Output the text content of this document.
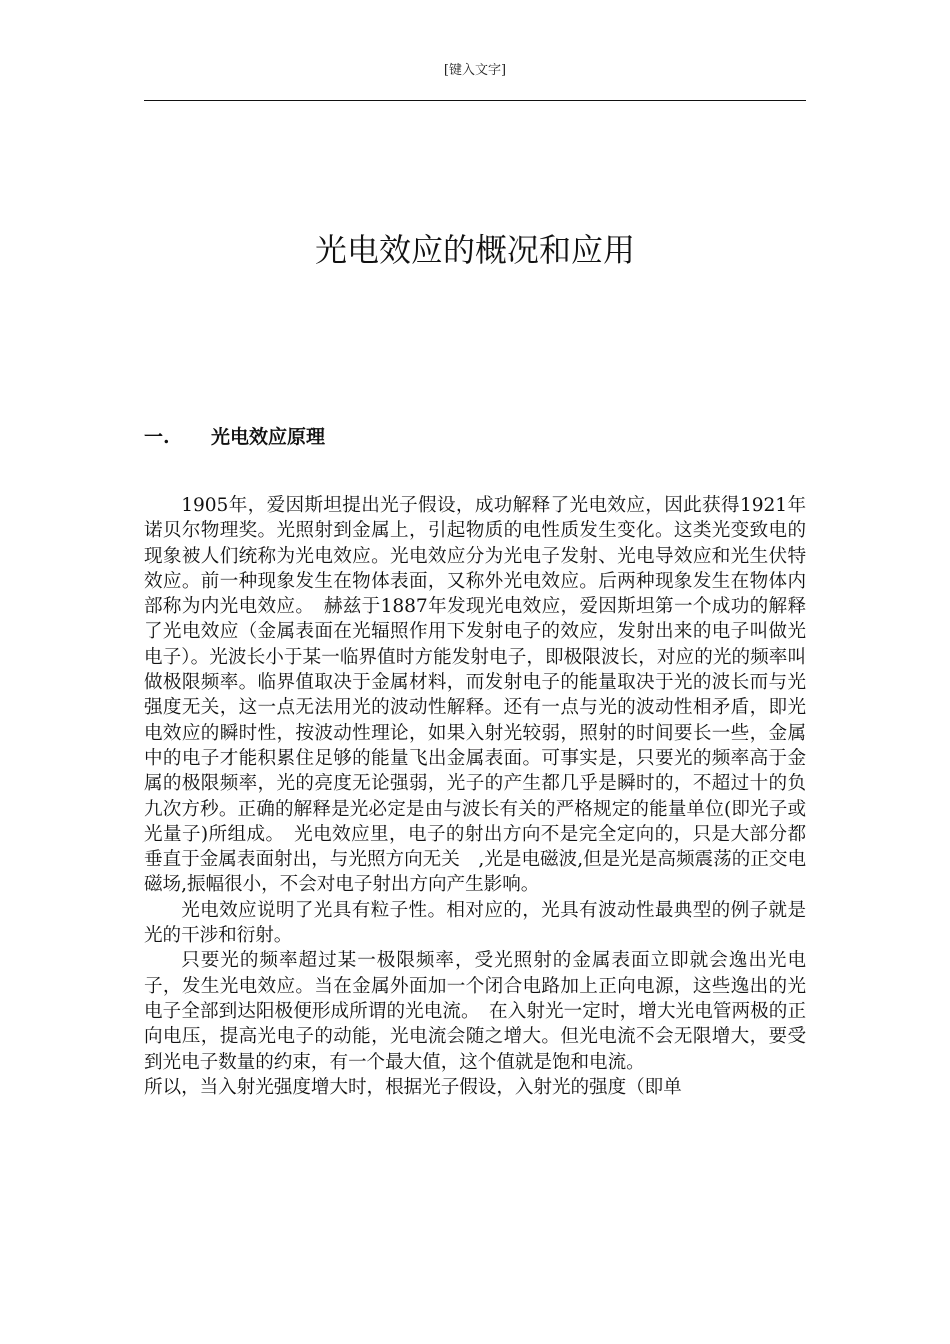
[键入文字]
光电效应的概况和应用
一. 光电效应原理

1905年，爱因斯坦提出光子假设，成功解释了光电效应，因此获得1921年诺贝尔物理奖。光照射到金属上，引起物质的电性质发生变化。这类光变致电的现象被人们统称为光电效应。光电效应分为光电子发射、光电导效应和光生伏特效应。前一种现象发生在物体表面，又称外光电效应。后两种现象发生在物体内部称为内光电效应。　赫兹于1887年发现光电效应，爱因斯坦第一个成功的解释了光电效应（金属表面在光辐照作用下发射电子的效应，发射出来的电子叫做光电子）。光波长小于某一临界值时方能发射电子，即极限波长，对应的光的频率叫做极限频率。临界值取决于金属材料，而发射电子的能量取决于光的波长而与光强度无关，这一点无法用光的波动性解释。还有一点与光的波动性相矛盾，即光电效应的瞬时性，按波动性理论，如果入射光较弱，照射的时间要长一些，金属中的电子才能积累住足够的能量飞出金属表面。可事实是，只要光的频率高于金属的极限频率，光的亮度无论强弱，光子的产生都几乎是瞬时的，不超过十的负九次方秒。正确的解释是光必定是由与波长有关的严格规定的能量单位(即光子或光量子)所组成。　光电效应里，电子的射出方向不是完全定向的，只是大部分都垂直于金属表面射出，与光照方向无关　,光是电磁波,但是光是高频震荡的正交电磁场,振幅很小，不会对电子射出方向产生影响。

光电效应说明了光具有粒子性。相对应的，光具有波动性最典型的例子就是光的干涉和衍射。

只要光的频率超过某一极限频率，受光照射的金属表面立即就会逸出光电子，发生光电效应。当在金属外面加一个闭合电路加上正向电源，这些逸出的光电子全部到达阳极便形成所谓的光电流。　在入射光一定时，增大光电管两极的正向电压，提高光电子的动能，光电流会随之增大。但光电流不会无限增大，要受到光电子数量的约束，有一个最大值，这个值就是饱和电流。

所以，当入射光强度增大时，根据光子假设，入射光的强度（即单
